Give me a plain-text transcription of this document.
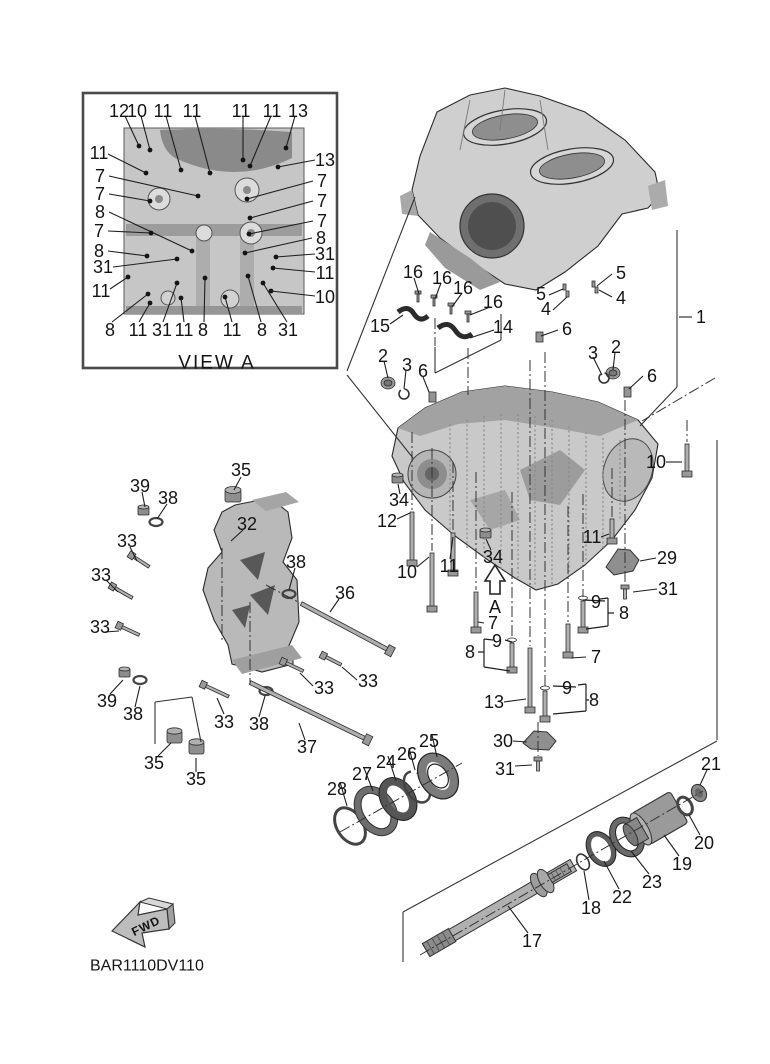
12
10 11 11 11 11 13
11
7
7
8
7
8
31
11
13
7
7
7
8
31
11
10
8 11 31 11 8 11 8 31
16 16 16
16
15	14
5
4
5
4
6
1
2 3 6
3 2
6
10
34
12
10 11 34
11
29
31
9
8
7
9
8	7
9
8
13
30
31
35
39
38
33
33
32
38
36
33
39
38
33 33
33 38
37
35
35	28
27
24 26
25
17
18
22
23
19
20
21
VIEW A
BAR1110DV110
FWD
A
